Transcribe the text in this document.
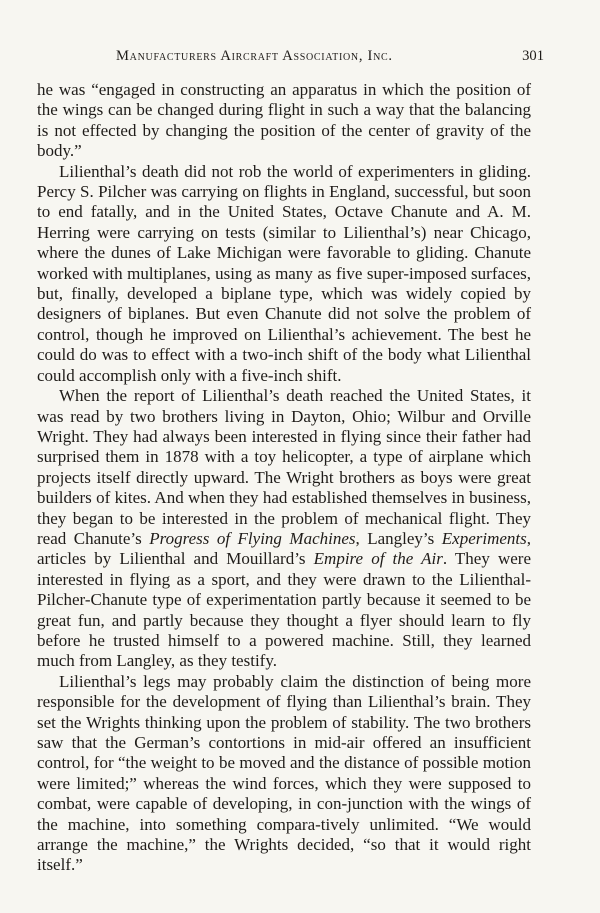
Manufacturers Aircraft Association, Inc.	301

he was “engaged in constructing an apparatus in which the position of the wings can be changed during flight in such a way that the balancing is not effected by changing the position of the center of gravity of the body.”

Lilienthal’s death did not rob the world of experimenters in gliding. Percy S. Pilcher was carrying on flights in England, successful, but soon to end fatally, and in the United States, Octave Chanute and A. M. Herring were carrying on tests (similar to Lilienthal’s) near Chicago, where the dunes of Lake Michigan were favorable to gliding. Chanute worked with multiplanes, using as many as five super-imposed surfaces, but, finally, developed a biplane type, which was widely copied by designers of biplanes. But even Chanute did not solve the problem of control, though he improved on Lilienthal’s achievement. The best he could do was to effect with a two-inch shift of the body what Lilienthal could accomplish only with a five-inch shift.

When the report of Lilienthal’s death reached the United States, it was read by two brothers living in Dayton, Ohio; Wilbur and Orville Wright. They had always been interested in flying since their father had surprised them in 1878 with a toy helicopter, a type of airplane which projects itself directly upward. The Wright brothers as boys were great builders of kites. And when they had established themselves in business, they began to be interested in the problem of mechanical flight. They read Chanute’s Progress of Flying Machines, Langley’s Experiments, articles by Lilienthal and Mouillard’s Empire of the Air. They were interested in flying as a sport, and they were drawn to the Lilienthal-Pilcher-Chanute type of experimentation partly because it seemed to be great fun, and partly because they thought a flyer should learn to fly before he trusted himself to a powered machine. Still, they learned much from Langley, as they testify.

Lilienthal’s legs may probably claim the distinction of being more responsible for the development of flying than Lilienthal’s brain. They set the Wrights thinking upon the problem of stability. The two brothers saw that the German’s contortions in mid-air offered an insufficient control, for “the weight to be moved and the distance of possible motion were limited;” whereas the wind forces, which they were supposed to combat, were capable of developing, in con-junction with the wings of the machine, into something compara-tively unlimited. “We would arrange the machine,” the Wrights decided, “so that it would right itself.”
